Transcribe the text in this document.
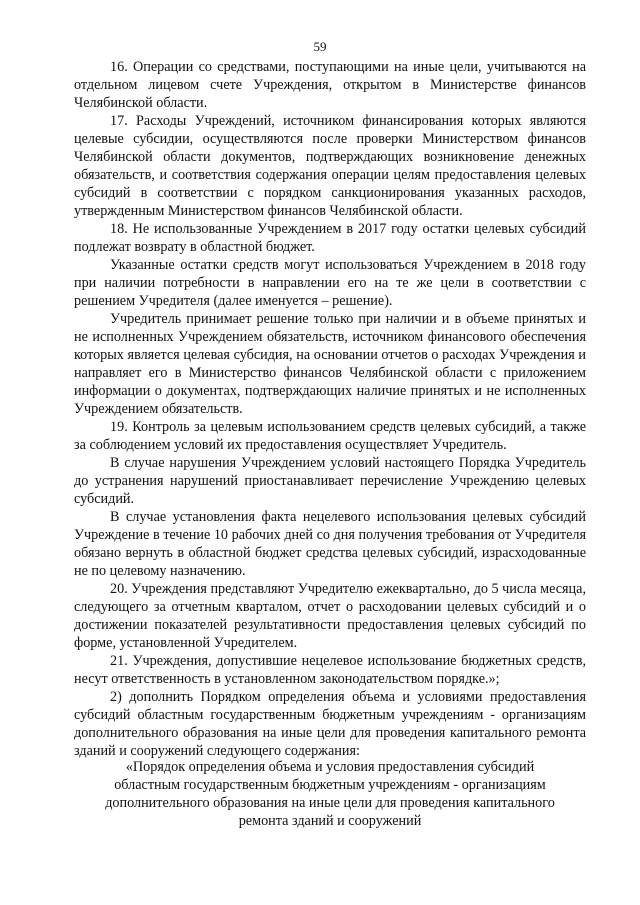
59

16. Операции со средствами, поступающими на иные цели, учитываются на отдельном лицевом счете Учреждения, открытом в Министерстве финансов Челябинской области.

17. Расходы Учреждений, источником финансирования которых являются целевые субсидии, осуществляются после проверки Министерством финансов Челябинской области документов, подтверждающих возникновение денежных обязательств, и соответствия содержания операции целям предоставления целевых субсидий в соответствии с порядком санкционирования указанных расходов, утвержденным Министерством финансов Челябинской области.

18. Не использованные Учреждением в 2017 году остатки целевых субсидий подлежат возврату в областной бюджет.

Указанные остатки средств могут использоваться Учреждением в 2018 году при наличии потребности в направлении его на те же цели в соответствии с решением Учредителя (далее именуется – решение).

Учредитель принимает решение только при наличии и в объеме принятых и не исполненных Учреждением обязательств, источником финансового обеспечения которых является целевая субсидия, на основании отчетов о расходах Учреждения и направляет его в Министерство финансов Челябинской области с приложением информации о документах, подтверждающих наличие принятых и не исполненных Учреждением обязательств.

19. Контроль за целевым использованием средств целевых субсидий, а также за соблюдением условий их предоставления осуществляет Учредитель.

В случае нарушения Учреждением условий настоящего Порядка Учредитель до устранения нарушений приостанавливает перечисление Учреждению целевых субсидий.

В случае установления факта нецелевого использования целевых субсидий Учреждение в течение 10 рабочих дней со дня получения требования от Учредителя обязано вернуть в областной бюджет средства целевых субсидий, израсходованные не по целевому назначению.

20. Учреждения представляют Учредителю ежеквартально, до 5 числа месяца, следующего за отчетным кварталом, отчет о расходовании целевых субсидий и о достижении показателей результативности предоставления целевых субсидий по форме, установленной Учредителем.

21. Учреждения, допустившие нецелевое использование бюджетных средств, несут ответственность в установленном законодательством порядке.»;

2) дополнить Порядком определения объема и условиями предоставления субсидий областным государственным бюджетным учреждениям - организациям дополнительного образования на иные цели для проведения капитального ремонта зданий и сооружений следующего содержания:

«Порядок определения объема и условия предоставления субсидий

областным государственным бюджетным учреждениям - организациям

дополнительного образования на иные цели для проведения капитального

ремонта зданий и сооружений
